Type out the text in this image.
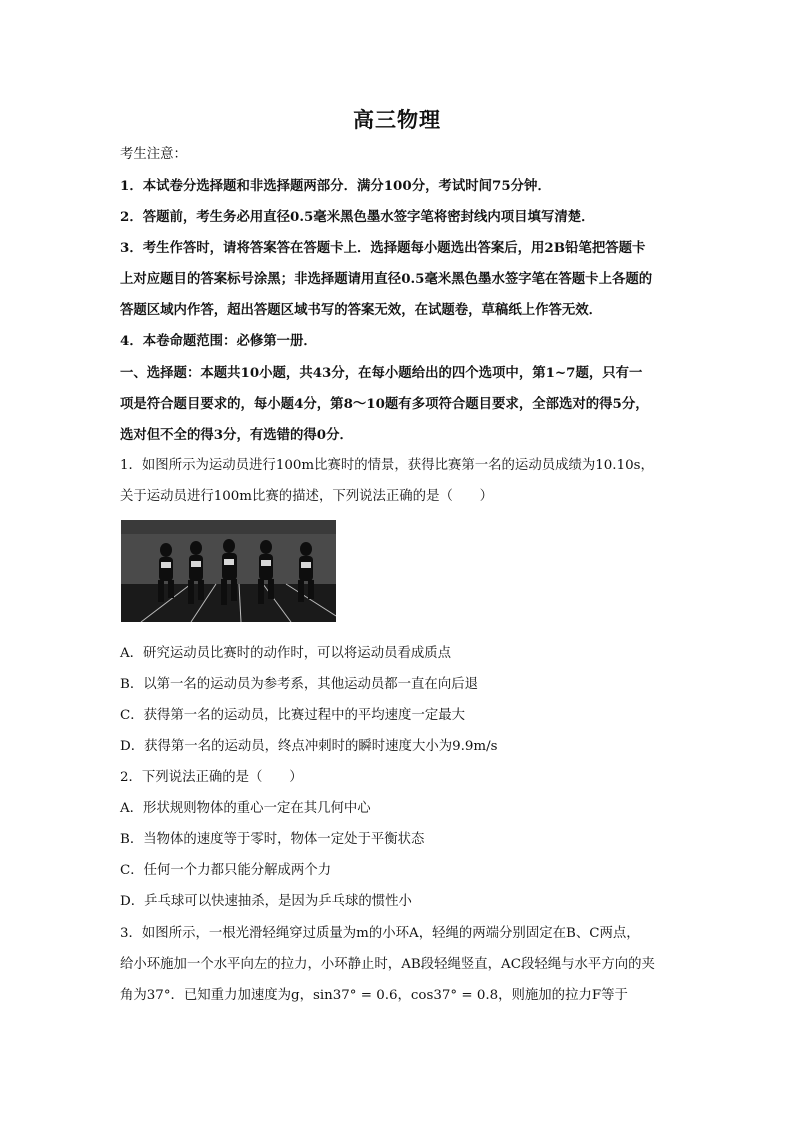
高三物理
考生注意：
1．本试卷分选择题和非选择题两部分．满分100分，考试时间75分钟．
2．答题前，考生务必用直径0.5毫米黑色墨水签字笔将密封线内项目填写清楚．
3．考生作答时，请将答案答在答题卡上．选择题每小题选出答案后，用2B铅笔把答题卡
上对应题目的答案标号涂黑；非选择题请用直径0.5毫米黑色墨水签字笔在答题卡上各题的
答题区域内作答，超出答题区域书写的答案无效，在试题卷，草稿纸上作答无效．
4．本卷命题范围：必修第一册．
一、选择题：本题共10小题，共43分，在每小题给出的四个选项中，第1~7题，只有一
项是符合题目要求的，每小题4分，第8～10题有多项符合题目要求，全部选对的得5分，
选对但不全的得3分，有选错的得0分．
1．如图所示为运动员进行100m比赛时的情景，获得比赛第一名的运动员成绩为10.10s，
关于运动员进行100m比赛的描述，下列说法正确的是（　　）
A．研究运动员比赛时的动作时，可以将运动员看成质点
B．以第一名的运动员为参考系，其他运动员都一直在向后退
C．获得第一名的运动员，比赛过程中的平均速度一定最大
D．获得第一名的运动员，终点冲刺时的瞬时速度大小为9.9m/s
2．下列说法正确的是（　　）
A．形状规则物体的重心一定在其几何中心
B．当物体的速度等于零时，物体一定处于平衡状态
C．任何一个力都只能分解成两个力
D．乒乓球可以快速抽杀，是因为乒乓球的惯性小
3．如图所示，一根光滑轻绳穿过质量为m的小环A，轻绳的两端分别固定在B、C两点，
给小环施加一个水平向左的拉力，小环静止时，AB段轻绳竖直，AC段轻绳与水平方向的夹
角为37°．已知重力加速度为g，sin37° = 0.6，cos37° = 0.8，则施加的拉力F等于
